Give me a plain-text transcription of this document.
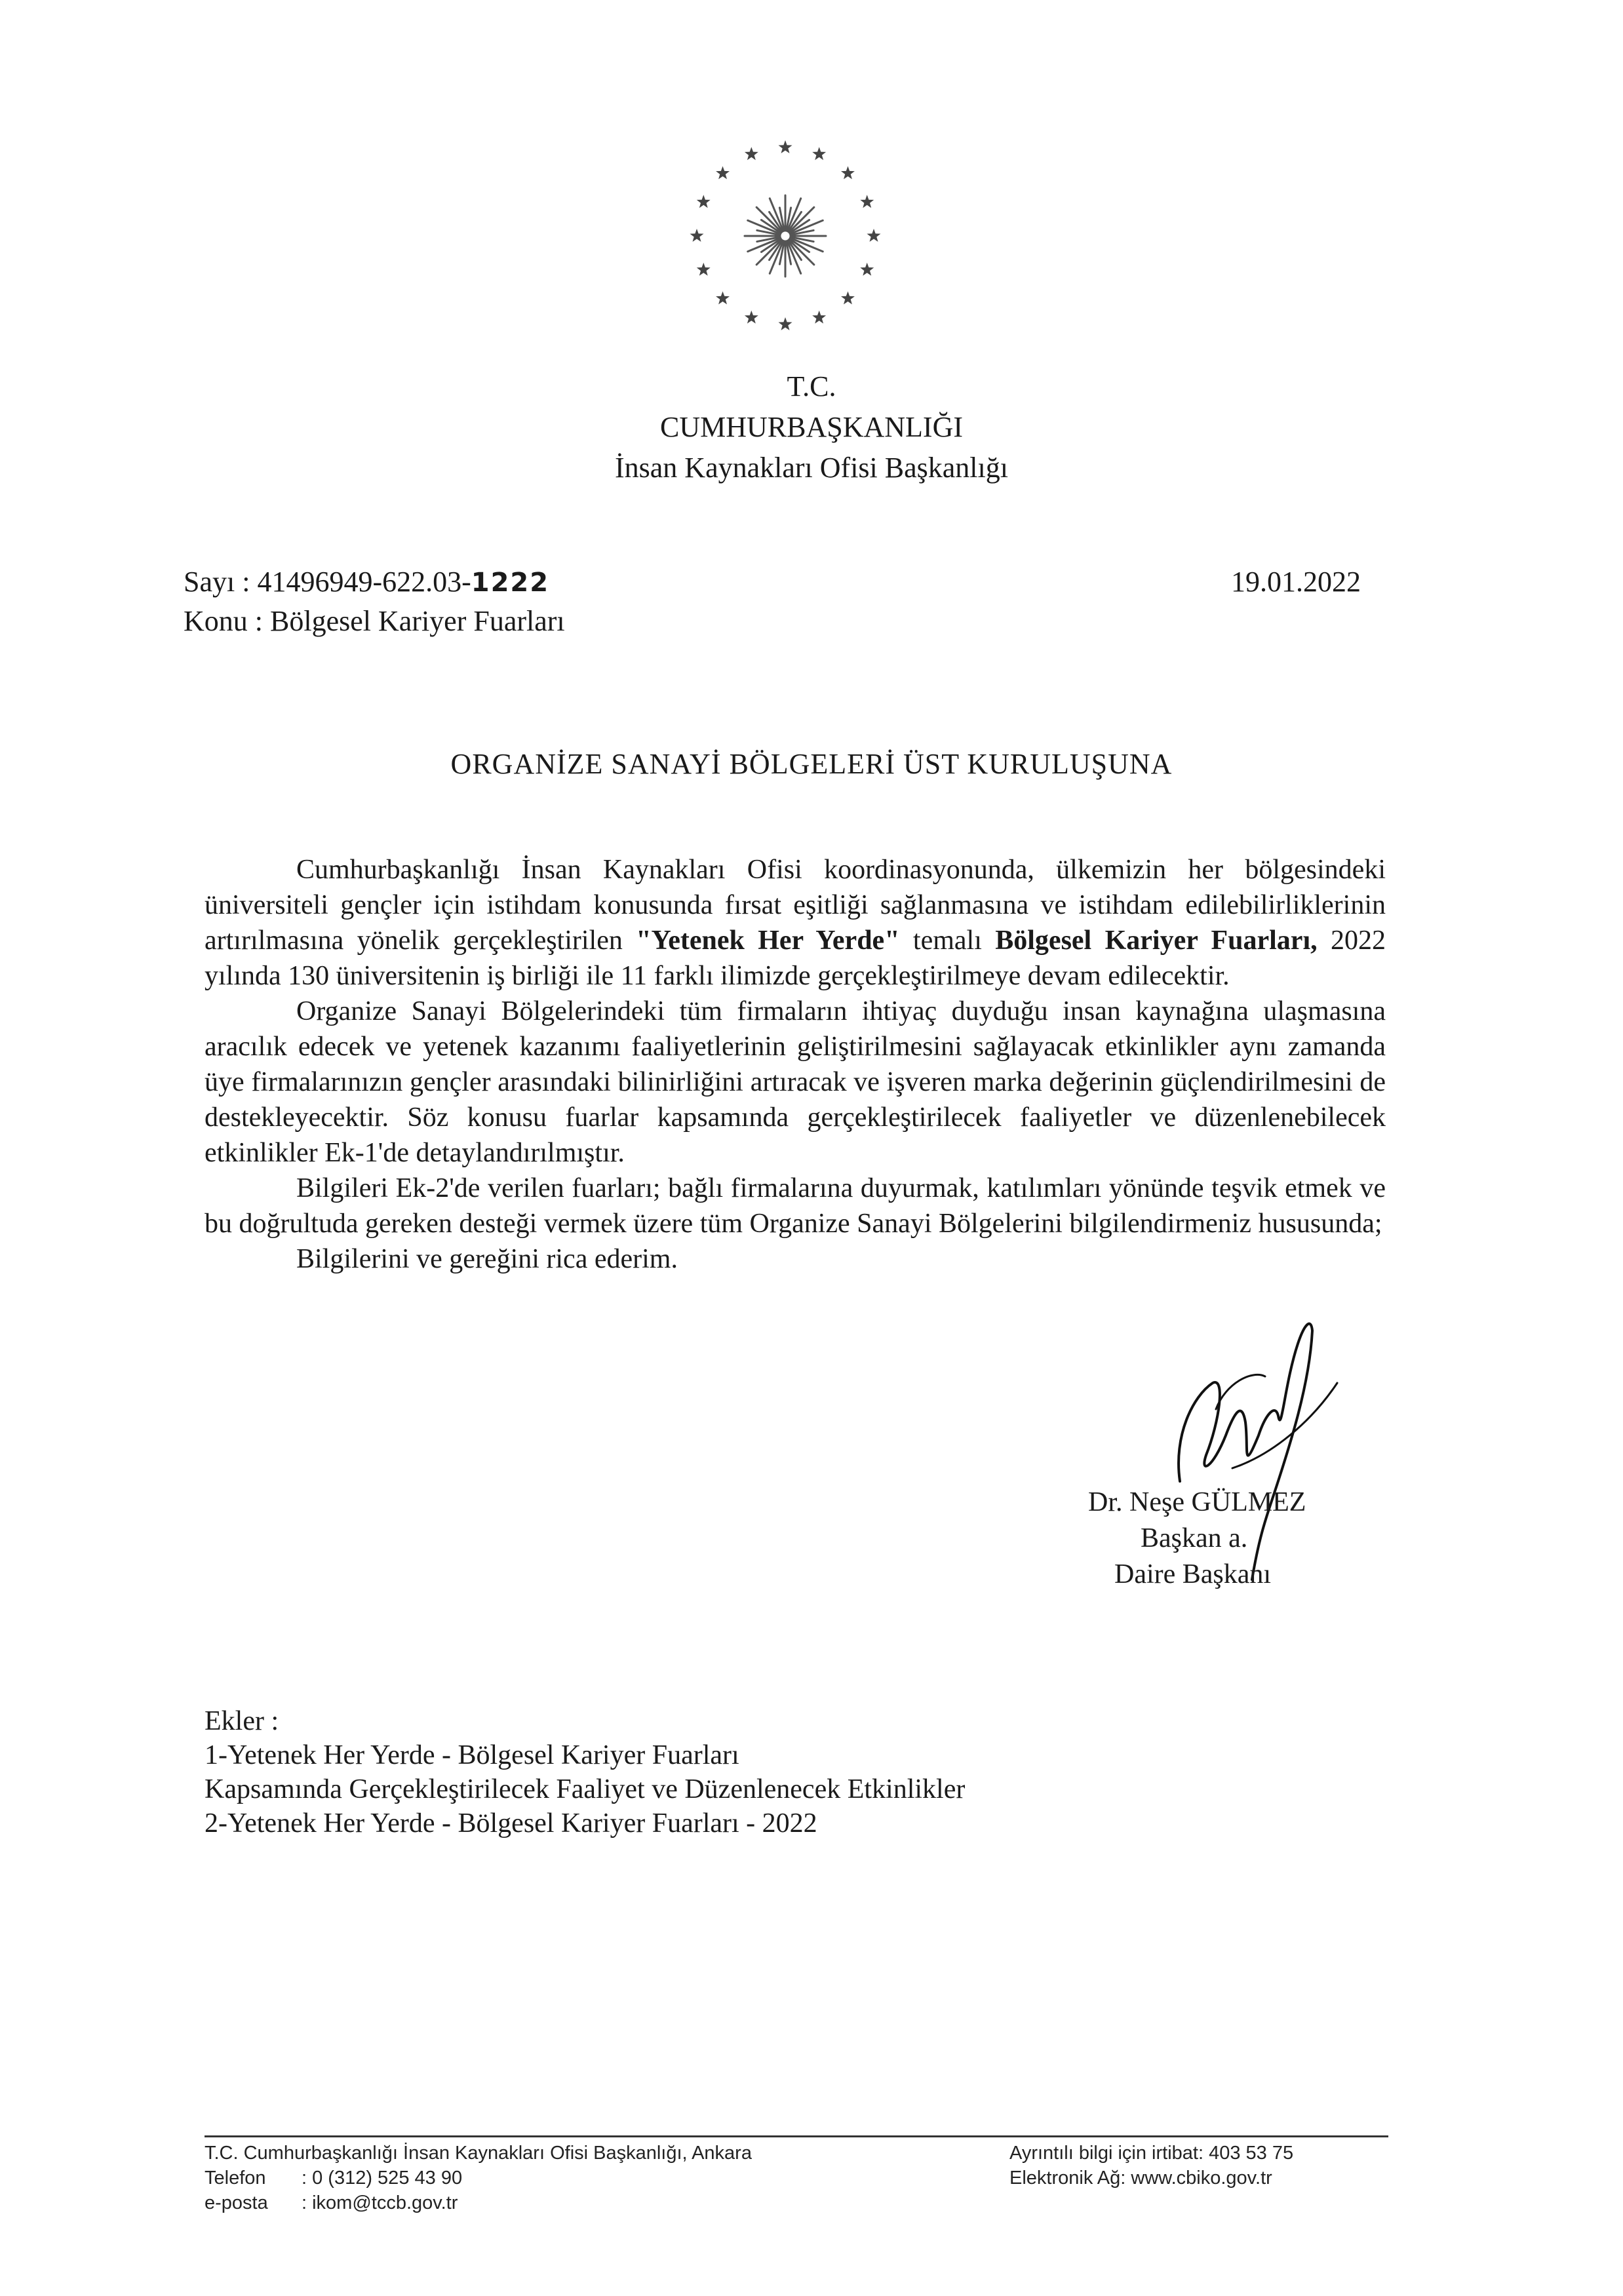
T.C.
CUMHURBAŞKANLIĞI
İnsan Kaynakları Ofisi Başkanlığı
Sayı : 41496949-622.03-1222
Konu : Bölgesel Kariyer Fuarları
19.01.2022
ORGANİZE SANAYİ BÖLGELERİ ÜST KURULUŞUNA

Cumhurbaşkanlığı İnsan Kaynakları Ofisi koordinasyonunda, ülkemizin her bölgesindeki üniversiteli gençler için istihdam konusunda fırsat eşitliği sağlanmasına ve istihdam edilebilirliklerinin artırılmasına yönelik gerçekleştirilen "Yetenek Her Yerde" temalı Bölgesel Kariyer Fuarları, 2022 yılında 130 üniversitenin iş birliği ile 11 farklı ilimizde gerçekleştirilmeye devam edilecektir.

Organize Sanayi Bölgelerindeki tüm firmaların ihtiyaç duyduğu insan kaynağına ulaşmasına aracılık edecek ve yetenek kazanımı faaliyetlerinin geliştirilmesini sağlayacak etkinlikler aynı zamanda üye firmalarınızın gençler arasındaki bilinirliğini artıracak ve işveren marka değerinin güçlendirilmesini de destekleyecektir. Söz konusu fuarlar kapsamında gerçekleştirilecek faaliyetler ve düzenlenebilecek etkinlikler Ek-1'de detaylandırılmıştır.

Bilgileri Ek-2'de verilen fuarları; bağlı firmalarına duyurmak, katılımları yönünde teşvik etmek ve bu doğrultuda gereken desteği vermek üzere tüm Organize Sanayi Bölgelerini bilgilendirmeniz hususunda;

Bilgilerini ve gereğini rica ederim.

Dr. Neşe GÜLMEZ
Başkan a.
Daire Başkanı
Ekler :
1-Yetenek Her Yerde - Bölgesel Kariyer Fuarları
Kapsamında Gerçekleştirilecek Faaliyet ve Düzenlenecek Etkinlikler
2-Yetenek Her Yerde - Bölgesel Kariyer Fuarları - 2022
T.C. Cumhurbaşkanlığı İnsan Kaynakları Ofisi Başkanlığı, Ankara
Telefon : 0 (312) 525 43 90
e-posta : ikom@tccb.gov.tr
Ayrıntılı bilgi için irtibat: 403 53 75
Elektronik Ağ: www.cbiko.gov.tr
